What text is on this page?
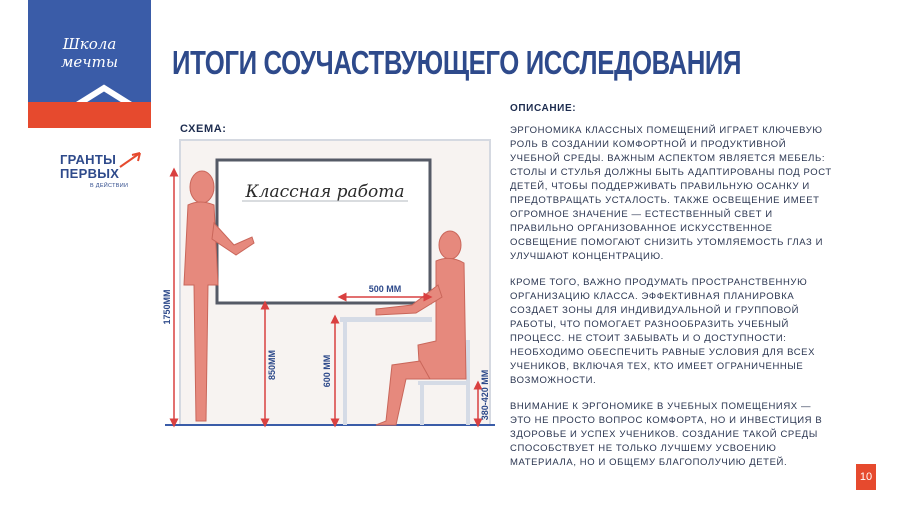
Школа
мечты
ГРАНТЫ
ПЕРВЫХ
В ДЕЙСТВИИ
ИТОГИ СОУЧАСТВУЮЩЕГО ИССЛЕДОВАНИЯ
СХЕМА:
Классная работа
1750ММ
850ММ	600 ММ
500 ММ
380-420 ММ
ОПИСАНИЕ:

ЭРГОНОМИКА КЛАССНЫХ ПОМЕЩЕНИЙ ИГРАЕТ КЛЮЧЕВУЮ РОЛЬ В СОЗДАНИИ КОМФОРТНОЙ И ПРОДУКТИВНОЙ УЧЕБНОЙ СРЕДЫ. ВАЖНЫМ АСПЕКТОМ ЯВЛЯЕТСЯ МЕБЕЛЬ: СТОЛЫ И СТУЛЬЯ ДОЛЖНЫ БЫТЬ АДАПТИРОВАНЫ ПОД РОСТ ДЕТЕЙ, ЧТОБЫ ПОДДЕРЖИВАТЬ ПРАВИЛЬНУЮ ОСАНКУ И ПРЕДОТВРАЩАТЬ УСТАЛОСТЬ. ТАКЖЕ ОСВЕЩЕНИЕ ИМЕЕТ ОГРОМНОЕ ЗНАЧЕНИЕ — ЕСТЕСТВЕННЫЙ СВЕТ И ПРАВИЛЬНО ОРГАНИЗОВАННОЕ ИСКУССТВЕННОЕ ОСВЕЩЕНИЕ ПОМОГАЮТ СНИЗИТЬ УТОМЛЯЕМОСТЬ ГЛАЗ И УЛУЧШАЮТ КОНЦЕНТРАЦИЮ.

КРОМЕ ТОГО, ВАЖНО ПРОДУМАТЬ ПРОСТРАНСТВЕННУЮ ОРГАНИЗАЦИЮ КЛАССА. ЭФФЕКТИВНАЯ ПЛАНИРОВКА СОЗДАЕТ ЗОНЫ ДЛЯ ИНДИВИДУАЛЬНОЙ И ГРУППОВОЙ РАБОТЫ, ЧТО ПОМОГАЕТ РАЗНООБРАЗИТЬ УЧЕБНЫЙ ПРОЦЕСС. НЕ СТОИТ ЗАБЫВАТЬ И О ДОСТУПНОСТИ: НЕОБХОДИМО ОБЕСПЕЧИТЬ РАВНЫЕ УСЛОВИЯ ДЛЯ ВСЕХ УЧЕНИКОВ, ВКЛЮЧАЯ ТЕХ, КТО ИМЕЕТ ОГРАНИЧЕННЫЕ ВОЗМОЖНОСТИ.

ВНИМАНИЕ К ЭРГОНОМИКЕ В УЧЕБНЫХ ПОМЕЩЕНИЯХ — ЭТО НЕ ПРОСТО ВОПРОС КОМФОРТА, НО И ИНВЕСТИЦИЯ В ЗДОРОВЬЕ И УСПЕХ УЧЕНИКОВ. СОЗДАНИЕ ТАКОЙ СРЕДЫ СПОСОБСТВУЕТ НЕ ТОЛЬКО ЛУЧШЕМУ УСВОЕНИЮ МАТЕРИАЛА, НО И ОБЩЕМУ БЛАГОПОЛУЧИЮ ДЕТЕЙ.

10
